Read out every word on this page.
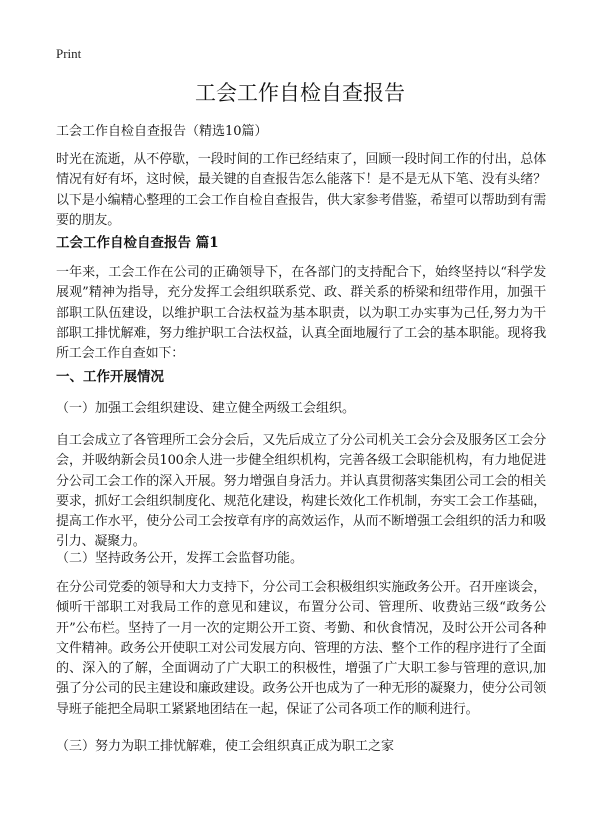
Print
工会工作自检自查报告
工会工作自检自查报告（精选10篇）
时光在流逝，从不停歇，一段时间的工作已经结束了，回顾一段时间工作的付出，总体情况有好有坏，这时候，最关键的自查报告怎么能落下！是不是无从下笔、没有头绪？以下是小编精心整理的工会工作自检自查报告，供大家参考借鉴，希望可以帮助到有需要的朋友。
工会工作自检自查报告 篇1
一年来，工会工作在公司的正确领导下，在各部门的支持配合下，始终坚持以“科学发展观”精神为指导，充分发挥工会组织联系党、政、群关系的桥梁和纽带作用，加强干部职工队伍建设，以维护职工合法权益为基本职责，以为职工办实事为己任,努力为干部职工排忧解难，努力维护职工合法权益，认真全面地履行了工会的基本职能。现将我所工会工作自查如下：
一、工作开展情况
（一）加强工会组织建设、建立健全两级工会组织。
自工会成立了各管理所工会分会后，又先后成立了分公司机关工会分会及服务区工会分会，并吸纳新会员100余人进一步健全组织机构，完善各级工会职能机构，有力地促进分公司工会工作的深入开展。努力增强自身活力。并认真贯彻落实集团公司工会的相关要求，抓好工会组织制度化、规范化建设，构建长效化工作机制，夯实工会工作基础，提高工作水平，使分公司工会按章有序的高效运作，从而不断增强工会组织的活力和吸引力、凝聚力。
（二）坚持政务公开，发挥工会监督功能。
在分公司党委的领导和大力支持下，分公司工会积极组织实施政务公开。召开座谈会，倾听干部职工对我局工作的意见和建议，布置分公司、管理所、收费站三级“政务公开”公布栏。坚持了一月一次的定期公开工资、考勤、和伙食情况，及时公开公司各种文件精神。政务公开使职工对公司发展方向、管理的方法、整个工作的程序进行了全面的、深入的了解，全面调动了广大职工的积极性，增强了广大职工参与管理的意识,加强了分公司的民主建设和廉政建设。政务公开也成为了一种无形的凝聚力，使分公司领导班子能把全局职工紧紧地团结在一起，保证了公司各项工作的顺利进行。
（三）努力为职工排忧解难，使工会组织真正成为职工之家
